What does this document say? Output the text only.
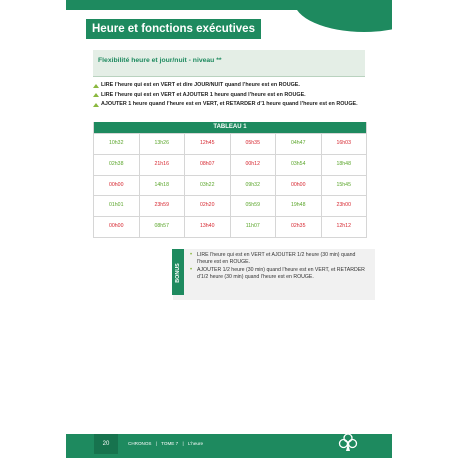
Heure et fonctions exécutives
Flexibilité heure et jour/nuit - niveau **
LIRE l’heure qui est en VERT et dire JOUR/NUIT quand l’heure est en ROUGE.
LIRE l’heure qui est en VERT et AJOUTER 1 heure quand l’heure est en ROUGE.
AJOUTER 1 heure quand l’heure est en VERT, et RETARDER d’1 heure quand l’heure est en ROUGE.
TABLEAU 1
10h32	13h26	12h45	05h35	04h47	16h03
02h38	21h16	08h07	00h12	03h54	18h48
00h00	14h18	03h22	09h32	00h00	15h45
01h01	23h59	02h20	05h59	19h48	23h00
00h00	08h57	13h40	11h07	02h35	12h12
BONUS
• LIRE l’heure qui est en VERT et AJOUTER 1/2 heure (30 min) quand l’heure est en ROUGE.
• AJOUTER 1/2 heure (30 min) quand l’heure est en VERT, et RETARDER d’1/2 heure (30 min) quand l’heure est en ROUGE.
20	CHRONOS | TOME 7 | L’heure
